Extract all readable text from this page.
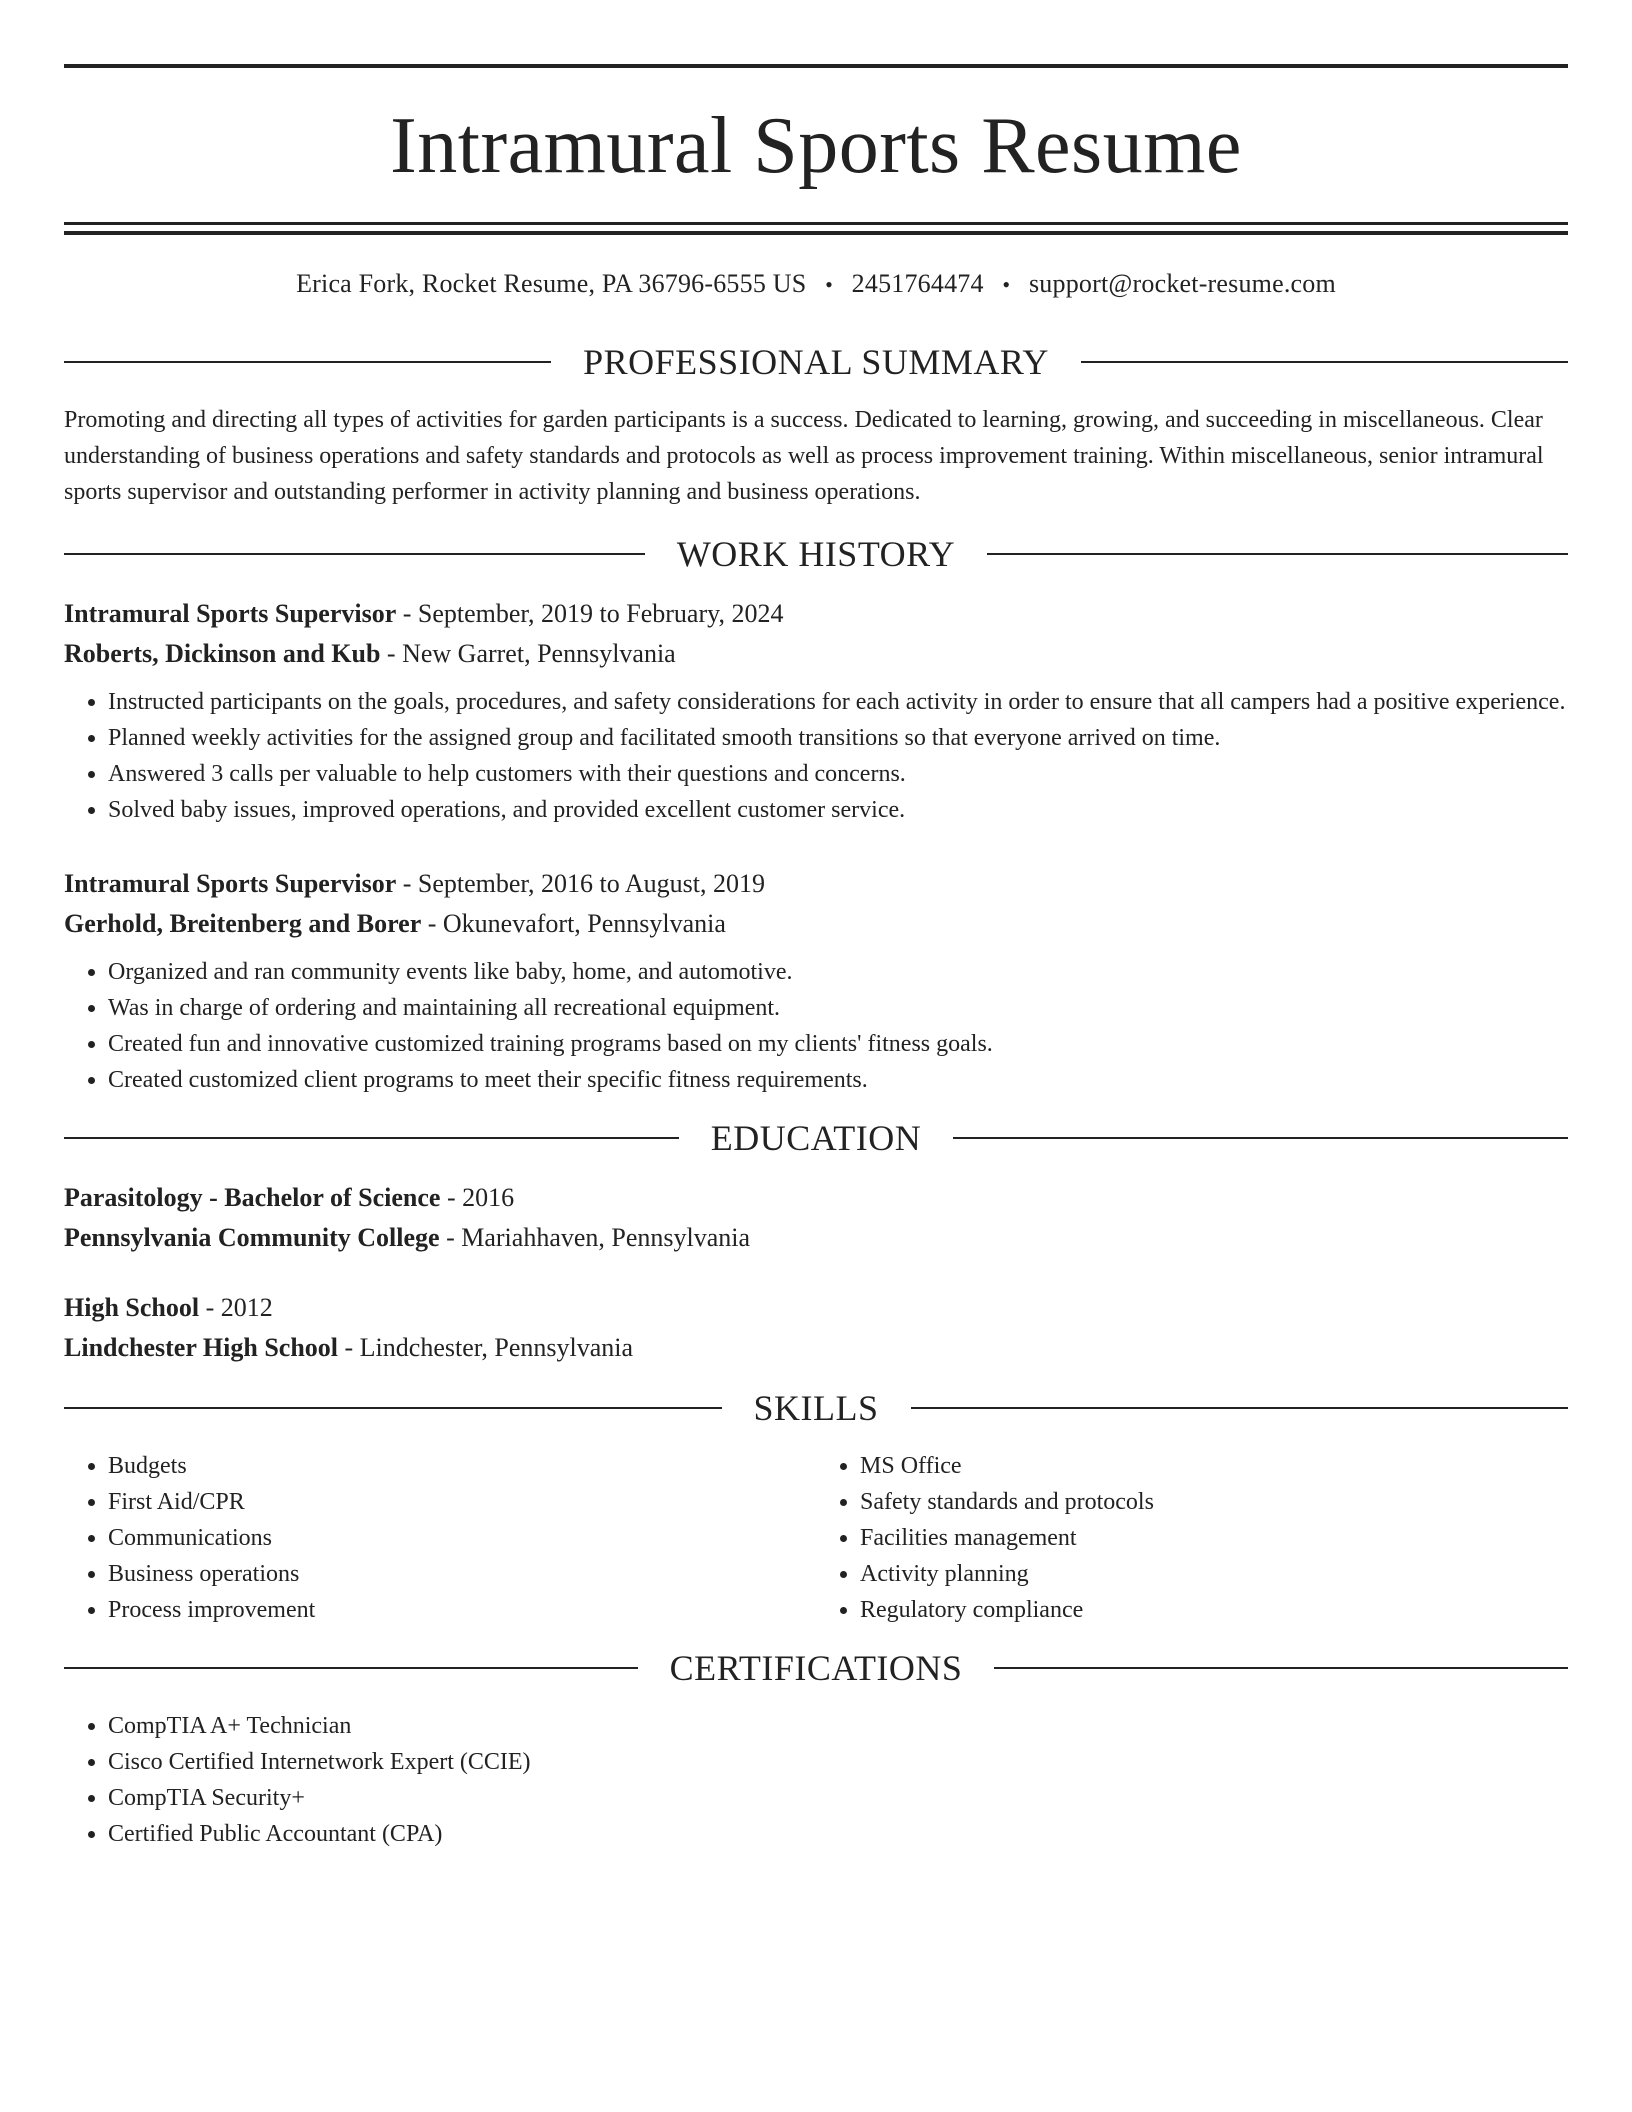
Intramural Sports Resume
Erica Fork, Rocket Resume, PA 36796-6555 US • 2451764474 • support@rocket-resume.com
PROFESSIONAL SUMMARY
Promoting and directing all types of activities for garden participants is a success. Dedicated to learning, growing, and succeeding in miscellaneous. Clear understanding of business operations and safety standards and protocols as well as process improvement training. Within miscellaneous, senior intramural sports supervisor and outstanding performer in activity planning and business operations.
WORK HISTORY
Intramural Sports Supervisor - September, 2019 to February, 2024
Roberts, Dickinson and Kub - New Garret, Pennsylvania
• Instructed participants on the goals, procedures, and safety considerations for each activity in order to ensure that all campers had a positive experience.
• Planned weekly activities for the assigned group and facilitated smooth transitions so that everyone arrived on time.
• Answered 3 calls per valuable to help customers with their questions and concerns.
• Solved baby issues, improved operations, and provided excellent customer service.
Intramural Sports Supervisor - September, 2016 to August, 2019
Gerhold, Breitenberg and Borer - Okunevafort, Pennsylvania
• Organized and ran community events like baby, home, and automotive.
• Was in charge of ordering and maintaining all recreational equipment.
• Created fun and innovative customized training programs based on my clients' fitness goals.
• Created customized client programs to meet their specific fitness requirements.
EDUCATION
Parasitology - Bachelor of Science - 2016
Pennsylvania Community College - Mariahhaven, Pennsylvania
High School - 2012
Lindchester High School - Lindchester, Pennsylvania
SKILLS
• Budgets
• First Aid/CPR
• Communications
• Business operations
• Process improvement
• MS Office
• Safety standards and protocols
• Facilities management
• Activity planning
• Regulatory compliance
CERTIFICATIONS
• CompTIA A+ Technician
• Cisco Certified Internetwork Expert (CCIE)
• CompTIA Security+
• Certified Public Accountant (CPA)
